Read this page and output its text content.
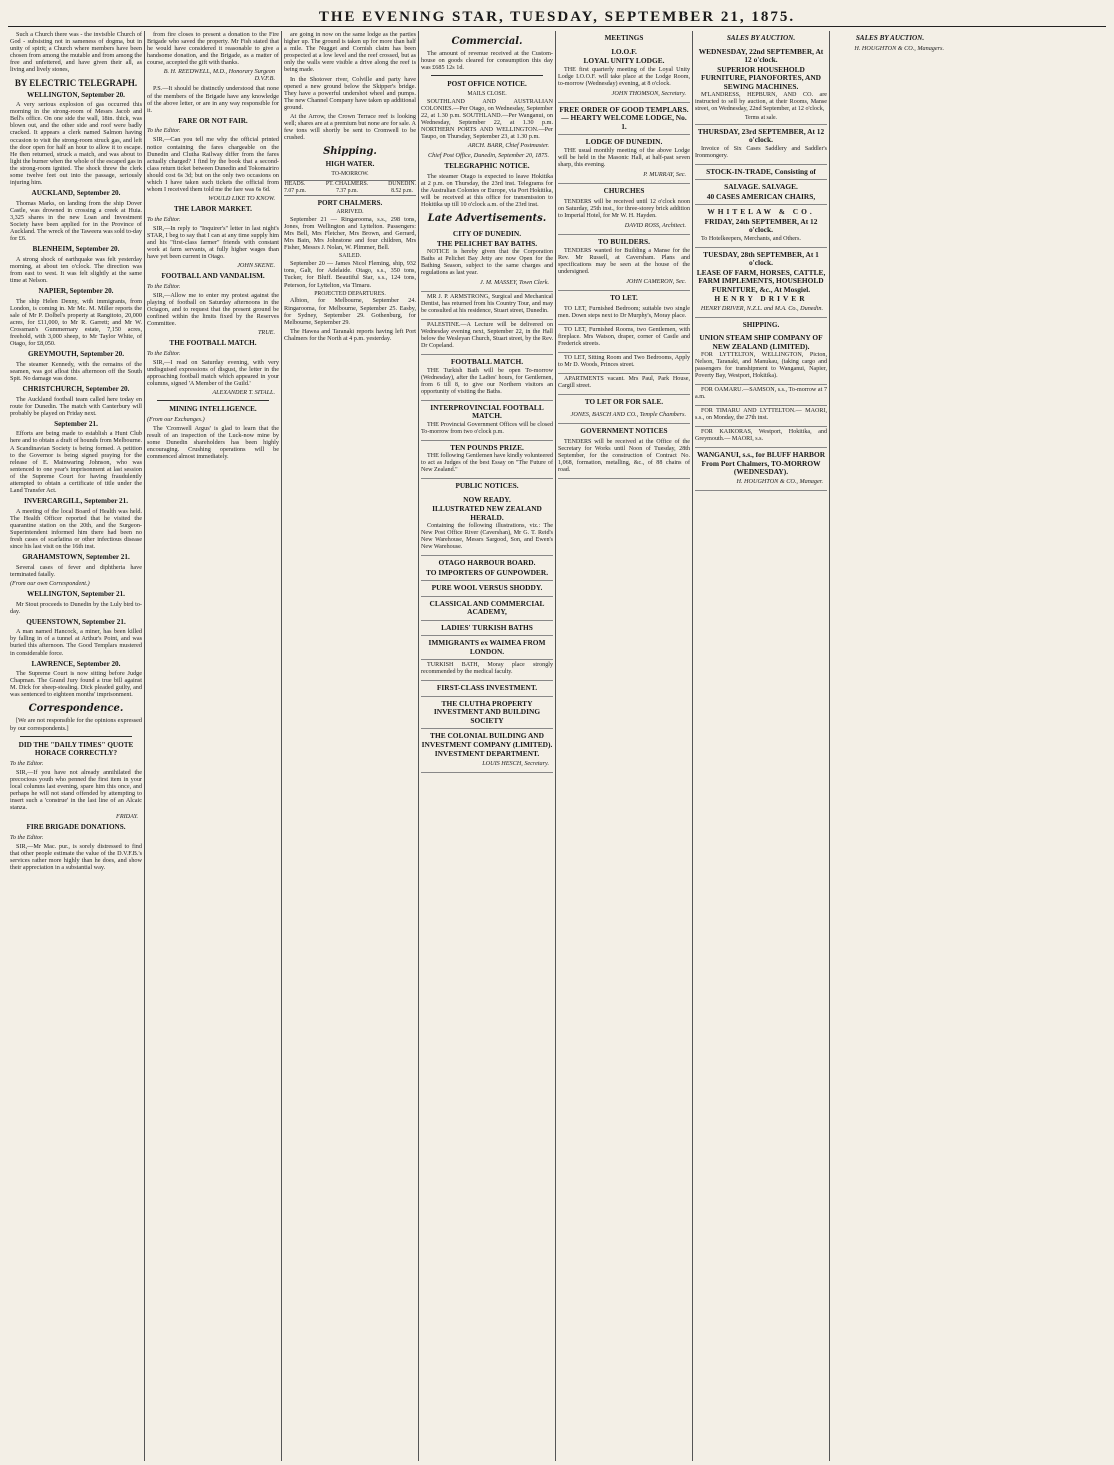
THE EVENING STAR, TUESDAY, SEPTEMBER 21, 1875.

Such a Church there was - the invisible Church of God - subsisting not in sameness of dogma, but in unity of spirit; a Church where members have been chosen from among the mutable and from among the free and unfettered, and have given their all, as living and lively stones,

BY ELECTRIC TELEGRAPH.
WELLINGTON, September 20.

A very serious explosion of gas occurred this morning in the strong-room of Messrs Jacob and Bell's office. On one side the wall, 18in. thick, was blown out, and the other side and roof were badly cracked. It appears a clerk named Salmon having occasion to visit the strong-room struck gas, and left the door open for half an hour to allow it to escape. He then returned, struck a match, and was about to light the burner when the whole of the escaped gas in the strong-room ignited. The shock threw the clerk some twelve feet out into the passage, seriously injuring him.

AUCKLAND, September 20.

Thomas Marks, on landing from the ship Dover Castle, was drowned in crossing a creek at Huia. 3,325 shares in the new Loan and Investment Society have been applied for in the Province of Auckland. The wreck of the Taweera was sold to-day for £6.

BLENHEIM, September 20.

A strong shock of earthquake was felt yesterday morning, at about ten o'clock. The direction was from east to west. It was felt slightly at the same time at Nelson.

NAPIER, September 20.

The ship Helen Denny, with immigrants, from London, is coming in. Mr Mc. M. Miller reports the sale of Mr P. Dolbel's property at Rangitoto, 20,000 acres, for £11,000, to Mr R. Garrett; and Mr W. Crossman's Gummernary estate, 7,150 acres, freehold, with 3,000 sheep, to Mr Taylor White, of Otago, for £8,050.

GREYMOUTH, September 20.

The steamer Kennedy, with the remains of the seamen, was got afloat this afternoon off the South Spit. No damage was done.

CHRISTCHURCH, September 20.

The Auckland football team called here today en route for Dunedin. The match with Canterbury will probably be played on Friday next.

September 21.

Efforts are being made to establish a Hunt Club here and to obtain a draft of hounds from Melbourne. A Scandinavian Society is being formed. A petition to the Governor is being signed praying for the release of E. Mainwaring Johnson, who was sentenced to one year's imprisonment at last session of the Supreme Court for having fraudulently attempted to obtain a certificate of title under the Land Transfer Act.

INVERCARGILL, September 21.

A meeting of the local Board of Health was held. The Health Officer reported that he visited the quarantine station on the 20th, and the Surgeon-Superintendent informed him there had been no fresh cases of scarlatina or other infectious disease since his last visit on the 16th inst.

GRAHAMSTOWN, September 21.

Several cases of fever and diphtheria have terminated fatally.

(From our own Correspondent.)

WELLINGTON, September 21.

Mr Stout proceeds to Dunedin by the Luly bird to-day.

QUEENSTOWN, September 21.

A man named Hancock, a miner, has been killed by falling in of a tunnel at Arthur's Point, and was buried this afternoon. The Good Templars mustered in considerable force.

LAWRENCE, September 20.

The Supreme Court is now sitting before Judge Chapman. The Grand Jury found a true bill against M. Dick for sheep-stealing. Dick pleaded guilty, and was sentenced to eighteen months' imprisonment.

Correspondence.

[We are not responsible for the opinions expressed by our correspondents.]

DID THE "DAILY TIMES" QUOTE HORACE CORRECTLY?

To the Editor.

SIR,—If you have not already annihilated the precocious youth who penned the first item in your local columns last evening, spare him this once, and perhaps he will not stand offended by attempting to insert such a 'construe' in the last line of an Alcaic stanza.

FRIDAY.
FIRE BRIGADE DONATIONS.

To the Editor.

SIR,—Mr Mac. pur., is sorely distressed to find that other people estimate the value of the D.V.F.B.'s services rather more highly than he does, and show their appreciation in a substantial way.

from fire closes to present a donation to the Fire Brigade who saved the property. Mr Fish stated that he would have considered it reasonable to give a handsome donation, and the Brigade, as a matter of course, accepted the gift with thanks.

B. H. REEDWELL, M.D., Honorary Surgeon D.V.F.B.

P.S.—It should be distinctly understood that none of the members of the Brigade have any knowledge of the above letter, or are in any way responsible for it.

FARE OR NOT FAIR.

To the Editor.

SIR,—Can you tell me why the official printed notice containing the fares chargeable on the Dunedin and Clutha Railway differ from the fares actually charged? I find by the book that a second-class return ticket between Dunedin and Tokomairiro should cost 6s 3d; but on the only two occasions on which I have taken such tickets the official from whom I received them told me the fare was 6s 6d.

WOULD LIKE TO KNOW.
THE LABOR MARKET.

To the Editor.

SIR,—In reply to "Inquirer's" letter in last night's STAR, I beg to say that I can at any time supply him and his "first-class farmer" friends with constant work at farm servants, at fully higher wages than have yet been current in Otago.

JOHN SKENE.
FOOTBALL AND VANDALISM.

To the Editor.

SIR,—Allow me to enter my protest against the playing of football on Saturday afternoons in the Octagon, and to request that the present ground be confined within the limits fixed by the Reserves Committee.

TRUE.
THE FOOTBALL MATCH.

To the Editor.

SIR,—I read on Saturday evening, with very undisguised expressions of disgust, the letter in the approaching football match which appeared in your columns, signed 'A Member of the Guild.'

ALEXANDER T. SITALL.
MINING INTELLIGENCE.

(From our Exchanges.)

The 'Cromwell Argus' is glad to learn that the result of an inspection of the Luck-now mine by some Dunedin shareholders has been highly encouraging. Crushing operations will be commenced almost immediately.

are going in now on the same lodge as the parties higher up. The ground is taken up for more than half a mile. The Nugget and Cornish claim has been prospected at a low level and the reef crossed, but as only the walls were visible a drive along the reef is being made.

In the Shotover river, Colville and party have opened a new ground below the Skipper's bridge. They have a powerful undershot wheel and pumps. The new Channel Company have taken up additional ground.

At the Arrow, the Crown Terrace reef is looking well; shares are at a premium but none are for sale. A few tons will shortly be sent to Cromwell to be crushed.

Shipping.
HIGH WATER.
TO-MORROW.
HEADS.
7.07 p.m.
PT. CHALMERS.
7.37 p.m.
DUNEDIN.
8.52 p.m.
PORT CHALMERS.
ARRIVED.

September 21 — Ringarooma, s.s., 298 tons, Jones, from Wellington and Lyttelton. Passengers: Mrs Bell, Mrs Fletcher, Mrs Brown, and Gerrard, Mrs Bain, Mrs Johnstone and four children, Mrs Fisher, Messrs J. Nolan, W. Plimmer, Bell.

SAILED.

September 20 — James Nicol Fleming, ship, 932 tons, Galt, for Adelaide. Otago, s.s., 350 tons, Tucker, for Bluff. Beautiful Star, s.s., 124 tons, Peterson, for Lyttelton, via Timaru.

PROJECTED DEPARTURES.

Albion, for Melbourne, September 24. Ringarooma, for Melbourne, September 25. Easby, for Sydney, September 29. Gothenburg, for Melbourne, September 29.

The Hawea and Taranaki reports having left Port Chalmers for the North at 4 p.m. yesterday.

Commercial.

The amount of revenue received at the Custom-house on goods cleared for consumption this day was £685 12s 1d.

POST OFFICE NOTICE.
MAILS CLOSE.

SOUTHLAND AND AUSTRALIAN COLONIES.—Per Otago, on Wednesday, September 22, at 1.30 p.m. SOUTHLAND.—Per Wanganui, on Wednesday, September 22, at 1.30 p.m. NORTHERN PORTS AND WELLINGTON.—Per Taupo, on Thursday, September 23, at 1.30 p.m.

ARCH. BARR, Chief Postmaster.
Chief Post Office, Dunedin, September 20, 1875.
TELEGRAPHIC NOTICE.

The steamer Otago is expected to leave Hokitika at 2 p.m. on Thursday, the 23rd inst. Telegrams for the Australian Colonies or Europe, via Port Hokitika, will be received at this office for transmission to Hokitika up till 10 o'clock a.m. of the 23rd inst.

Late Advertisements.
CITY OF DUNEDIN.
THE PELICHET BAY BATHS.

NOTICE is hereby given that the Corporation Baths at Pelichet Bay Jetty are now Open for the Bathing Season, subject to the same charges and regulations as last year.

J. M. MASSEY, Town Clerk.

MR J. P. ARMSTRONG, Surgical and Mechanical Dentist, has returned from his Country Tour, and may be consulted at his residence, Stuart street, Dunedin.

PALESTINE.—A Lecture will be delivered on Wednesday evening next, September 22, in the Hall below the Wesleyan Church, Stuart street, by the Rev. Dr Copeland.

FOOTBALL MATCH.

THE Turkish Bath will be open To-morrow (Wednesday), after the Ladies' hours, for Gentlemen, from 6 till 8, to give our Northern visitors an opportunity of visiting the Baths.

INTERPROVINCIAL FOOTBALL MATCH.

THE Provincial Government Offices will be closed To-morrow from two o'clock p.m.

TEN POUNDS PRIZE.

THE following Gentlemen have kindly volunteered to act as Judges of the best Essay on "The Future of New Zealand."

PUBLIC NOTICES.
NOW READY.
ILLUSTRATED NEW ZEALAND HERALD.

Containing the following illustrations, viz.: The New Post Office River (Cavershan), Mr G. T. Reid's New Warehouse, Messrs Sargood, Son, and Ewen's New Warehouse.

OTAGO HARBOUR BOARD.
TO IMPORTERS OF GUNPOWDER.
PURE WOOL VERSUS SHODDY.
CLASSICAL AND COMMERCIAL ACADEMY,
LADIES' TURKISH BATHS
IMMIGRANTS ex WAIMEA FROM LONDON.

TURKISH BATH, Moray place strongly recommended by the medical faculty.

FIRST-CLASS INVESTMENT.
THE CLUTHA PROPERTY INVESTMENT AND BUILDING SOCIETY
THE COLONIAL BUILDING AND INVESTMENT COMPANY (LIMITED).
INVESTMENT DEPARTMENT.
LOUIS HESCH, Secretary.
MEETINGS
I.O.O.F.
LOYAL UNITY LODGE.

THE first quarterly meeting of the Loyal Unity Lodge I.O.O.F. will take place at the Lodge Room, to-morrow (Wednesday) evening, at 8 o'clock.

JOHN THOMSON, Secretary.
FREE ORDER OF GOOD TEMPLARS.— HEARTY WELCOME LODGE, No. 1.
LODGE OF DUNEDIN.

THE usual monthly meeting of the above Lodge will be held in the Masonic Hall, at half-past seven sharp, this evening.

P. MURRAY, Sec.
CHURCHES

TENDERS will be received until 12 o'clock noon on Saturday, 25th inst., for three-storey brick addition to Imperial Hotel, for Mr W. H. Hayden.

DAVID ROSS, Architect.
TO BUILDERS.

TENDERS wanted for Building a Manse for the Rev. Mr Russell, at Caversham. Plans and specifications may be seen at the house of the undersigned.

JOHN CAMERON, Sec.
TO LET.

TO LET, Furnished Bedroom; suitable two single men. Down steps next to Dr Murphy's, Moray place.

TO LET, Furnished Rooms, two Gentlemen, with fireplace. Mrs Watson, draper, corner of Castle and Frederick streets.

TO LET, Sitting Room and Two Bedrooms, Apply to Mr D. Woods, Princes street.

APARTMENTS vacant. Mrs Paul, Park House, Cargill street.

TO LET OR FOR SALE.
JONES, BASCH AND CO., Temple Chambers.
GOVERNMENT NOTICES

TENDERS will be received at the Office of the Secretary for Works until Noon of Tuesday, 28th September, for the construction of Contract No. 1,068, formation, metalling, &c., of 88 chains of road.

SALES BY AUCTION.
WEDNESDAY, 22nd SEPTEMBER, At 12 o'clock.
SUPERIOR HOUSEHOLD FURNITURE, PIANOFORTES, AND SEWING MACHINES.

M'LANDRESS, HEPBURN, AND CO. are instructed to sell by auction, at their Rooms, Manse street, on Wednesday, 22nd September, at 12 o'clock,

Terms at sale.
THURSDAY, 23rd SEPTEMBER, At 12 o'clock.

Invoice of Six Cases Saddlery and Saddler's Ironmongery.

STOCK-IN-TRADE, Consisting of
SALVAGE. SALVAGE.
40 CASES AMERICAN CHAIRS,
WHITELAW & CO.
FRIDAY, 24th SEPTEMBER, At 12 o'clock.

To Hotelkeepers, Merchants, and Others.

TUESDAY, 28th SEPTEMBER, At 1 o'clock.
LEASE OF FARM, HORSES, CATTLE, FARM IMPLEMENTS, HOUSEHOLD FURNITURE, &c., At Mosgiel.
HENRY DRIVER
HENRY DRIVER, N.Z.L. and M.A. Co., Dunedin.
SHIPPING.
UNION STEAM SHIP COMPANY OF NEW ZEALAND (LIMITED).

FOR LYTTELTON, WELLINGTON, Picton, Nelson, Taranaki, and Manukau, (taking cargo and passengers for transhipment to Wanganui, Napier, Poverty Bay, Westport, Hokitika).

FOR OAMARU.—SAMSON, s.s., To-morrow at 7 a.m.

FOR TIMARU AND LYTTELTON.— MAORI, s.s., on Monday, the 27th inst.

FOR KAIKORAS, Westport, Hokitika, and Greymouth.— MAORI, s.s.

WANGANUI, s.s., for BLUFF HARBOR From Port Chalmers, TO-MORROW (WEDNESDAY).
H. HOUGHTON & CO., Manager.
SALES BY AUCTION.
H. HOUGHTON & CO., Managers.
